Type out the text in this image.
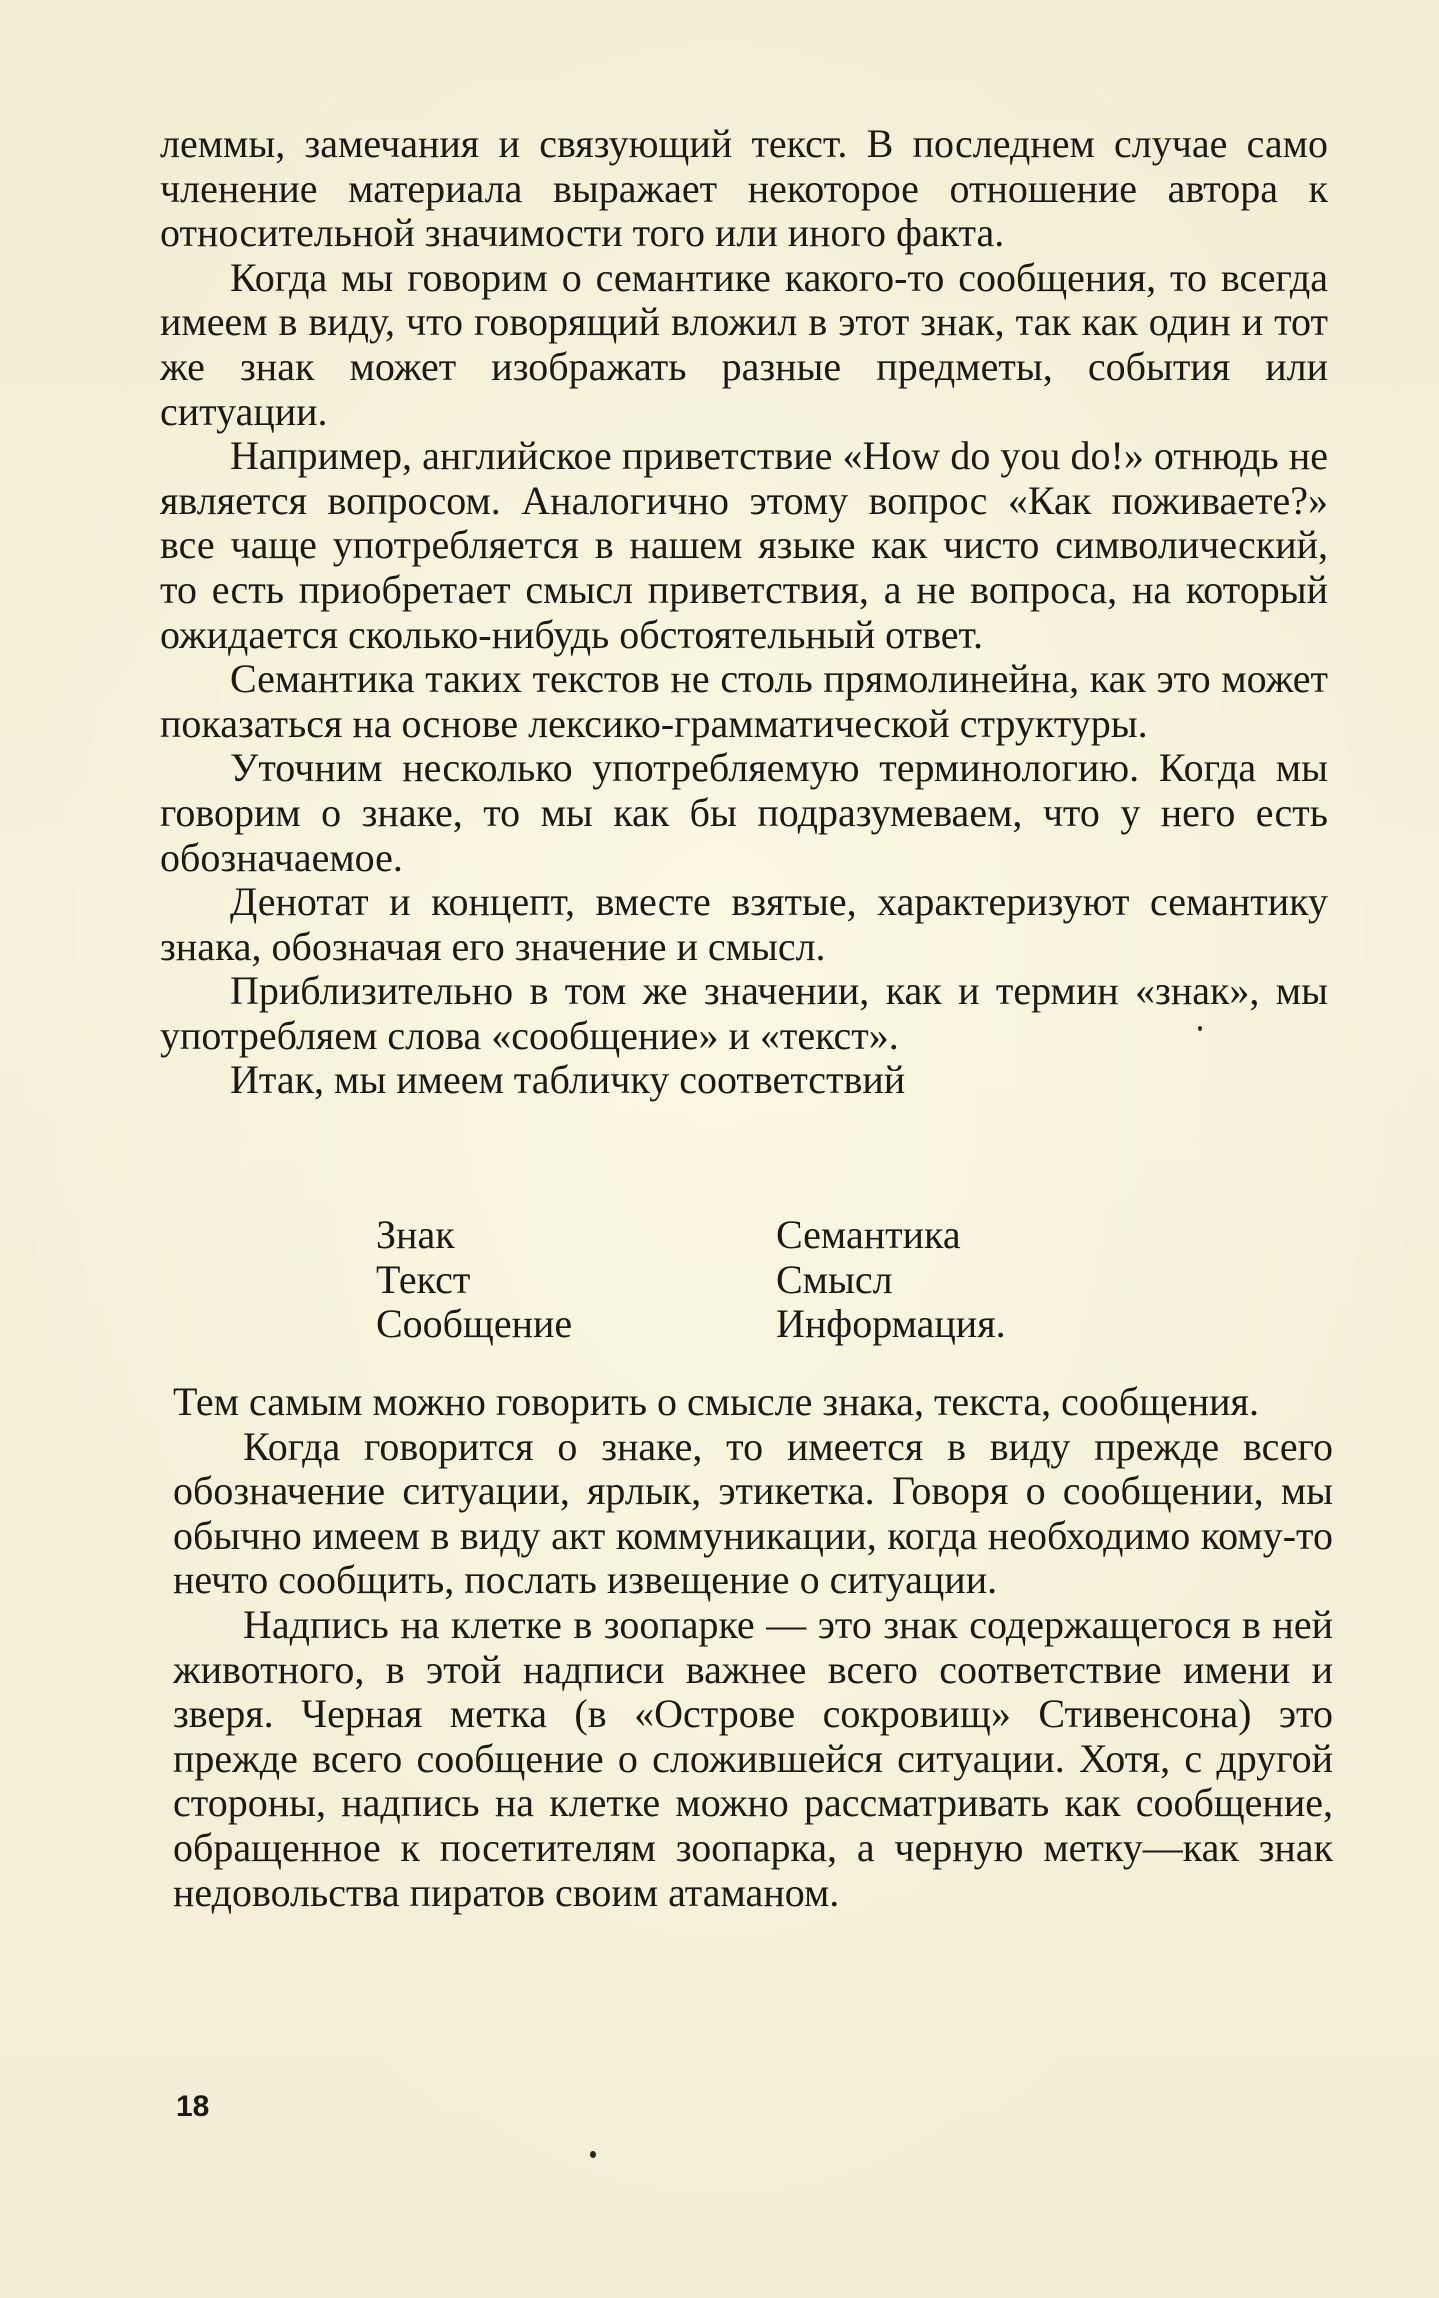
леммы, замечания и связующий текст. В последнем случае само членение материала выражает некоторое отношение автора к относительной значимости того или иного факта.

Когда мы говорим о семантике какого-то сообщения, то всегда имеем в виду, что говорящий вложил в этот знак, так как один и тот же знак может изображать разные предметы, события или ситуации.

Например, английское приветствие «How do you do!» отнюдь не является вопросом. Аналогично этому вопрос «Как поживаете?» все чаще употребляется в нашем языке как чисто символический, то есть приобретает смысл приветствия, а не вопроса, на который ожидается сколько-нибудь обстоятельный ответ.

Семантика таких текстов не столь прямолинейна, как это может показаться на основе лексико-грамматической структуры.

Уточним несколько употребляемую терминологию. Когда мы говорим о знаке, то мы как бы подразумеваем, что у него есть обозначаемое.

Денотат и концепт, вместе взятые, характеризуют семантику знака, обозначая его значение и смысл.

Приблизительно в том же значении, как и термин «знак», мы употребляем слова «сообщение» и «текст».

Итак, мы имеем табличку соответствий

Знак	Семантика
Текст	Смысл
Сообщение	Информация.

Тем самым можно говорить о смысле знака, текста, сообщения.

Когда говорится о знаке, то имеется в виду прежде всего обозначение ситуации, ярлык, этикетка. Говоря о сообщении, мы обычно имеем в виду акт коммуникации, когда необходимо кому-то нечто сообщить, послать извещение о ситуации.

Надпись на клетке в зоопарке — это знак содержащегося в ней животного, в этой надписи важнее всего соответствие имени и зверя. Черная метка (в «Острове сокровищ» Стивенсона) это прежде всего сообщение о сложившейся ситуации. Хотя, с другой стороны, надпись на клетке можно рассматривать как сообщение, обращенное к посетителям зоопарка, а черную метку—как знак недовольства пиратов своим атаманом.

18
